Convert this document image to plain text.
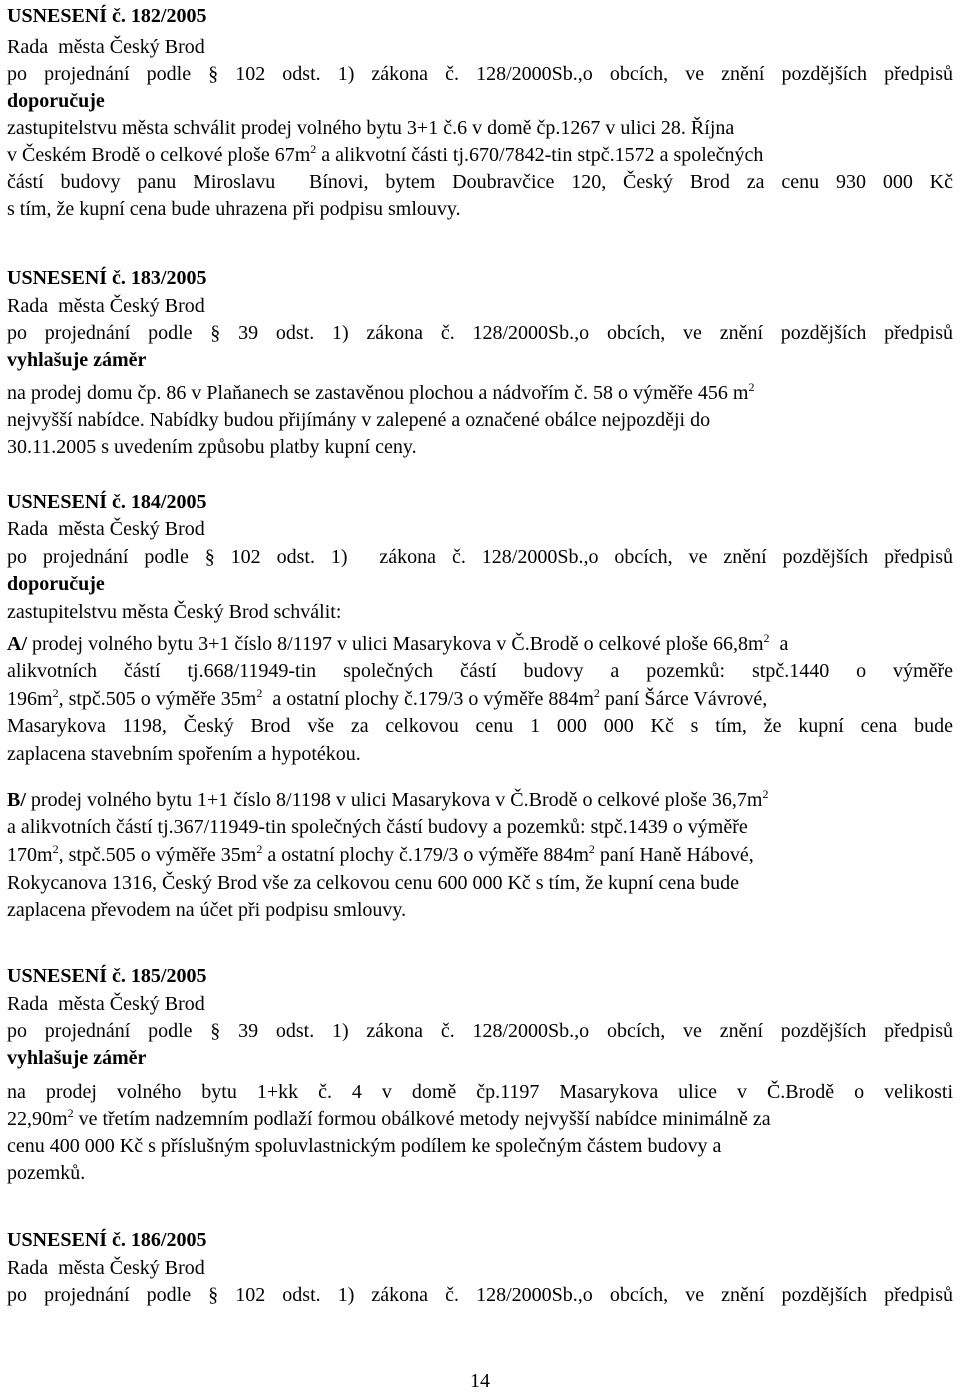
USNESENÍ č. 182/2005
Rada  města Český Brod
po projednání podle § 102 odst. 1) zákona č. 128/2000Sb.,o obcích, ve znění pozdějších předpisů
doporučuje
zastupitelstvu města schválit prodej volného bytu 3+1 č.6 v domě čp.1267 v ulici 28. Října
v Českém Brodě o celkové ploše $67m^2$ a alikvotní části tj.670/7842-tin stpč.1572 a společných
částí budovy panu Miroslavu  Bínovi, bytem Doubravčice 120, Český Brod za cenu 930 000 Kč
s tím, že kupní cena bude uhrazena při podpisu smlouvy.
USNESENÍ č. 183/2005
Rada  města Český Brod
po projednání podle § 39 odst. 1) zákona č. 128/2000Sb.,o obcích, ve znění pozdějších předpisů
vyhlašuje záměr
na prodej domu čp. 86 v Plaňanech se zastavěnou plochou a nádvořím č. 58 o výměře 456 $m^2$
nejvyšší nabídce. Nabídky budou přijímány v zalepené a označené obálce nejpozději do
30.11.2005 s uvedením způsobu platby kupní ceny.
USNESENÍ č. 184/2005
Rada  města Český Brod
po projednání podle § 102 odst. 1)  zákona č. 128/2000Sb.,o obcích, ve znění pozdějších předpisů
doporučuje
zastupitelstvu města Český Brod schválit:
A/ prodej volného bytu 3+1 číslo 8/1197 v ulici Masarykova v Č.Brodě o celkové ploše $66,8m^2$  a
alikvotních částí tj.668/11949-tin společných částí budovy a pozemků: stpč.1440 o výměře
$196m^2$, stpč.505 o výměře $35m^2$  a ostatní plochy č.179/3 o výměře $884m^2$ paní Šárce Vávrové,
Masarykova 1198, Český Brod vše za celkovou cenu 1 000 000 Kč s tím, že kupní cena bude
zaplacena stavebním spořením a hypotékou.
B/ prodej volného bytu 1+1 číslo 8/1198 v ulici Masarykova v Č.Brodě o celkové ploše $36,7m^2$
a alikvotních částí tj.367/11949-tin společných částí budovy a pozemků: stpč.1439 o výměře
$170m^2$, stpč.505 o výměře $35m^2$ a ostatní plochy č.179/3 o výměře $884m^2$ paní Haně Hábové,
Rokycanova 1316, Český Brod vše za celkovou cenu 600 000 Kč s tím, že kupní cena bude
zaplacena převodem na účet při podpisu smlouvy.
USNESENÍ č. 185/2005
Rada  města Český Brod
po projednání podle § 39 odst. 1) zákona č. 128/2000Sb.,o obcích, ve znění pozdějších předpisů
vyhlašuje záměr
na prodej volného bytu 1+kk č. 4 v domě čp.1197 Masarykova ulice v Č.Brodě o velikosti
$22,90m^2$ ve třetím nadzemním podlaží formou obálkové metody nejvyšší nabídce minimálně za
cenu 400 000 Kč s příslušným spoluvlastnickým podílem ke společným částem budovy a
pozemků.
USNESENÍ č. 186/2005
Rada  města Český Brod
po projednání podle § 102 odst. 1) zákona č. 128/2000Sb.,o obcích, ve znění pozdějších předpisů
14
